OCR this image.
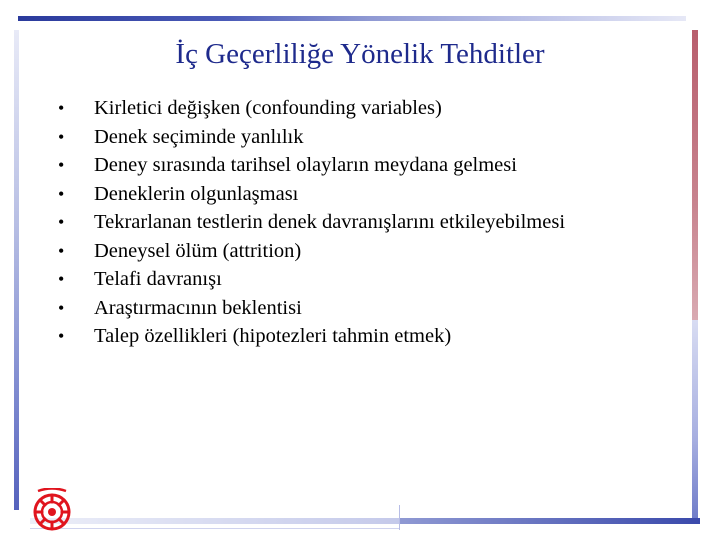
İç Geçerliliğe Yönelik Tehditler
• Kirletici değişken (confounding variables)
• Denek seçiminde yanlılık
• Deney sırasında tarihsel olayların meydana gelmesi
• Deneklerin olgunlaşması
• Tekrarlanan testlerin denek davranışlarını etkileyebilmesi
• Deneysel ölüm (attrition)
• Telafi davranışı
• Araştırmacının beklentisi
• Talep özellikleri (hipotezleri tahmin etmek)
